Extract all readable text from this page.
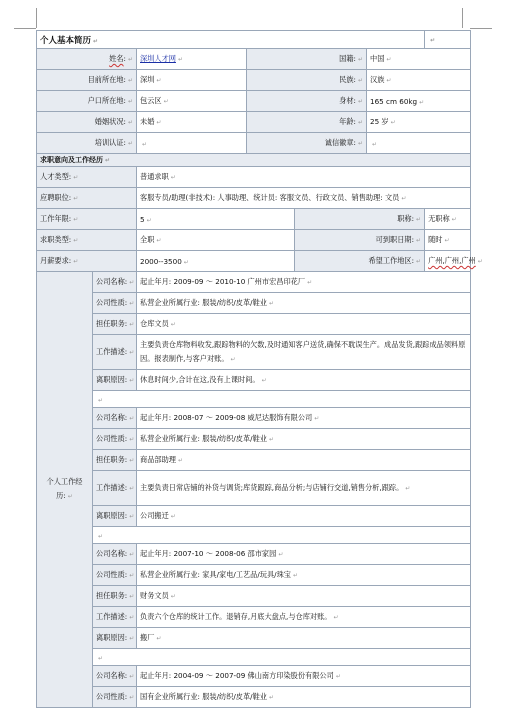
个人基本简历 ↵						↵
姓名: ↵		深圳人才网 ↵	国籍: ↵		中国 ↵	
目前所在地: ↵		深圳 ↵	民族: ↵		汉族 ↵	
户口所在地: ↵		包云区 ↵	身材: ↵		165 cm 60kg ↵	
婚姻状况: ↵		未婚 ↵	年龄: ↵		25 岁 ↵	
培训认证: ↵		↵	诚信徽章: ↵		↵	
求职意向及工作经历 ↵						
人才类型: ↵		普通求职 ↵				
应聘职位: ↵		客服专员/助理(非技术): 人事助理、统计员: 客服文员、行政文员、销售助理: 文员 ↵				
工作年限: ↵		5 ↵		职称: ↵		无职称 ↵
求职类型: ↵		全职 ↵		可到职日期: ↵		随时 ↵
月薪要求: ↵		2000--3500 ↵		希望工作地区: ↵		广州,广州,广州 ↵
个人工作经历: ↵	公司名称: ↵	起止年月: 2009-09 ～ 2010-10 广州市宏昌印花厂 ↵				
	公司性质: ↵	私营企业所属行业: 服装/纺织/皮革/鞋业 ↵				
	担任职务: ↵	仓库文员 ↵				
	工作描述: ↵	主要负责仓库物料收发,跟踪物料的欠数,及时通知客户送货,确保不耽误生产。成品发货,跟踪成品领料原因。报表制作,与客户对账。 ↵				
	离职原因: ↵	休息时间少,合计在这,没有上课时间。 ↵				
	↵					
	公司名称: ↵	起止年月: 2008-07 ～ 2009-08 威尼达服饰有限公司 ↵				
	公司性质: ↵	私营企业所属行业: 服装/纺织/皮革/鞋业 ↵				
	担任职务: ↵	商品部助理 ↵				
	工作描述: ↵	主要负责日常店铺的补货与调货;库货跟踪,商品分析;与店铺行交道,销售分析,跟踪。 ↵				
	离职原因: ↵	公司搬迁 ↵				
	↵					
	公司名称: ↵	起止年月: 2007-10 ～ 2008-06 邵市家园 ↵				
	公司性质: ↵	私营企业所属行业: 家具/家电/工艺品/玩具/珠宝 ↵				
	担任职务: ↵	财务文员 ↵				
	工作描述: ↵	负责六个仓库的统计工作。退销存,月底大盘点,与仓库对账。 ↵				
	离职原因: ↵	搬厂 ↵				
	↵					
	公司名称: ↵	起止年月: 2004-09 ～ 2007-09 佛山南方印染股份有限公司 ↵				
	公司性质: ↵	国有企业所属行业: 服装/纺织/皮革/鞋业 ↵				
